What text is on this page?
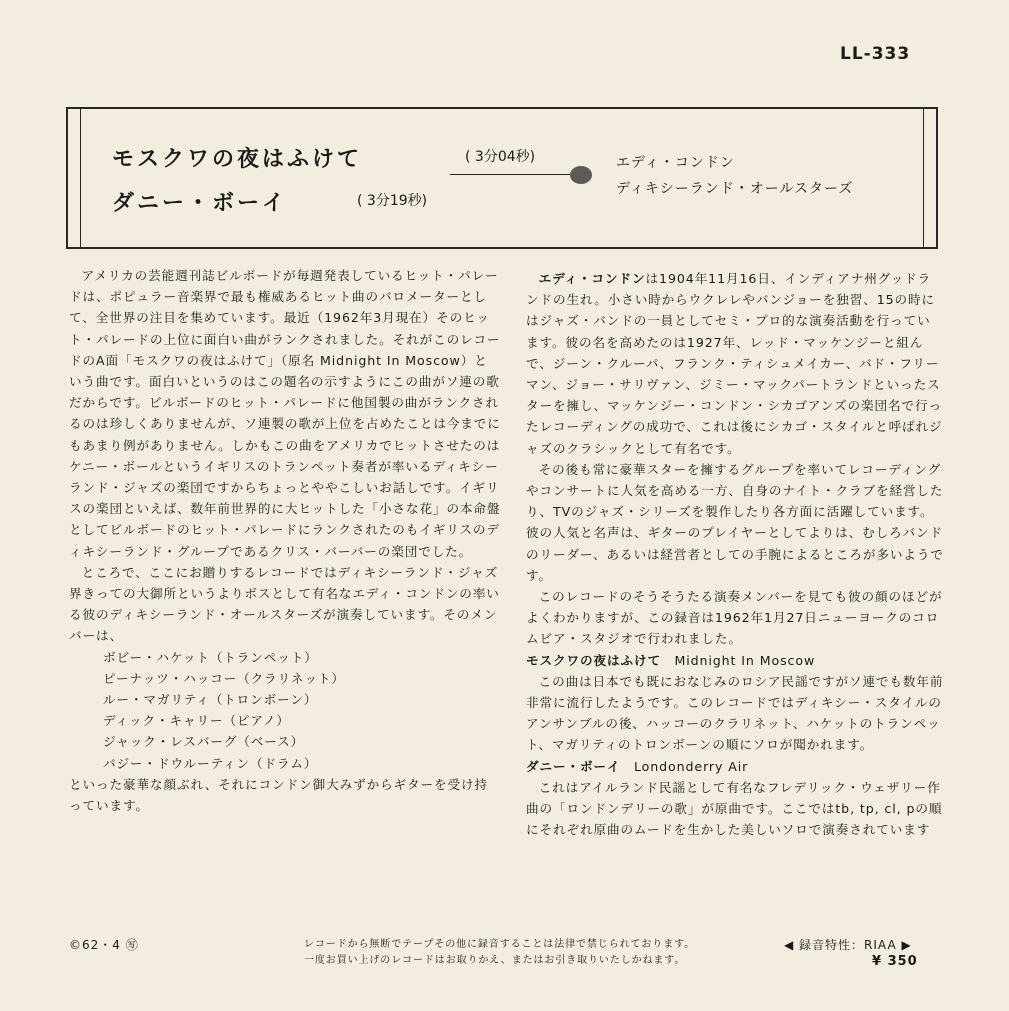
LL-333
モスクワの夜はふけて	( 3分04秒)
ダニー・ボーイ	( 3分19秒)
エディ・コンドン
ディキシーランド・オールスターズ

アメリカの芸能週刊誌ビルボードが毎週発表しているヒット・パレードは、ポピュラー音楽界で最も権威あるヒット曲のバロメーターとして、全世界の注目を集めています。最近（1962年3月現在）そのヒット・パレードの上位に面白い曲がランクされました。それがこのレコードのA面「モスクワの夜はふけて」（原名 Midnight In Moscow）という曲です。面白いというのはこの題名の示すようにこの曲がソ連の歌だからです。ビルボードのヒット・パレードに他国製の曲がランクされるのは珍しくありませんが、ソ連製の歌が上位を占めたことは今までにもあまり例がありません。しかもこの曲をアメリカでヒットさせたのはケニー・ボールというイギリスのトランペット奏者が率いるディキシーランド・ジャズの楽団ですからちょっとややこしいお話しです。イギリスの楽団といえば、数年前世界的に大ヒットした「小さな花」の本命盤としてビルボードのヒット・パレードにランクされたのもイギリスのディキシーランド・グループであるクリス・バーバーの楽団でした。

ところで、ここにお贈りするレコードではディキシーランド・ジャズ界きっての大御所というよりボスとして有名なエディ・コンドンの率いる彼のディキシーランド・オールスターズが演奏しています。そのメンバーは、

ボビー・ハケット（トランペット）
ピーナッツ・ハッコー（クラリネット）
ルー・マガリティ（トロンボーン）
ディック・キャリー（ピアノ）
ジャック・レスバーグ（ベース）
バジー・ドウルーティン（ドラム）

といった豪華な顔ぶれ、それにコンドン御大みずからギターを受け持っています。

エディ・コンドンは1904年11月16日、インディアナ州グッドランドの生れ。小さい時からウクレレやバンジョーを独習、15の時にはジャズ・バンドの一員としてセミ・プロ的な演奏活動を行っています。彼の名を高めたのは1927年、レッド・マッケンジーと組んで、ジーン・クルーパ、フランク・ティシュメイカー、バド・フリーマン、ジョー・サリヴァン、ジミー・マックパートランドといったスターを擁し、マッケンジー・コンドン・シカゴアンズの楽団名で行ったレコーディングの成功で、これは後にシカゴ・スタイルと呼ばれジャズのクラシックとして有名です。

その後も常に豪華スターを擁するグループを率いてレコーディングやコンサートに人気を高める一方、自身のナイト・クラブを経営したり、TVのジャズ・シリーズを製作したり各方面に活躍しています。彼の人気と名声は、ギターのプレイヤーとしてよりは、むしろバンドのリーダー、あるいは経営者としての手腕によるところが多いようです。

このレコードのそうそうたる演奏メンバーを見ても彼の顔のほどがよくわかりますが、この録音は1962年1月27日ニューヨークのコロムビア・スタジオで行われました。

モスクワの夜はふけて　 Midnight In Moscow

この曲は日本でも既におなじみのロシア民謡ですがソ連でも数年前非常に流行したようです。このレコードではディキシー・スタイルのアンサンブルの後、ハッコーのクラリネット、ハケットのトランペット、マガリティのトロンボーンの順にソロが聞かれます。

ダニー・ボーイ　 Londonderry Air

これはアイルランド民謡として有名なフレデリック・ウェザリー作曲の「ロンドンデリーの歌」が原曲です。ここではtb, tp, cl, pの順にそれぞれ原曲のムードを生かした美しいソロで演奏されています

©62・4 ㊢	レコードから無断でテープその他に録音することは法律で禁じられております。
一度お買い上げのレコードはお取りかえ、またはお引き取りいたしかねます。
◀ 録音特性：RIAA ▶
¥ 350
